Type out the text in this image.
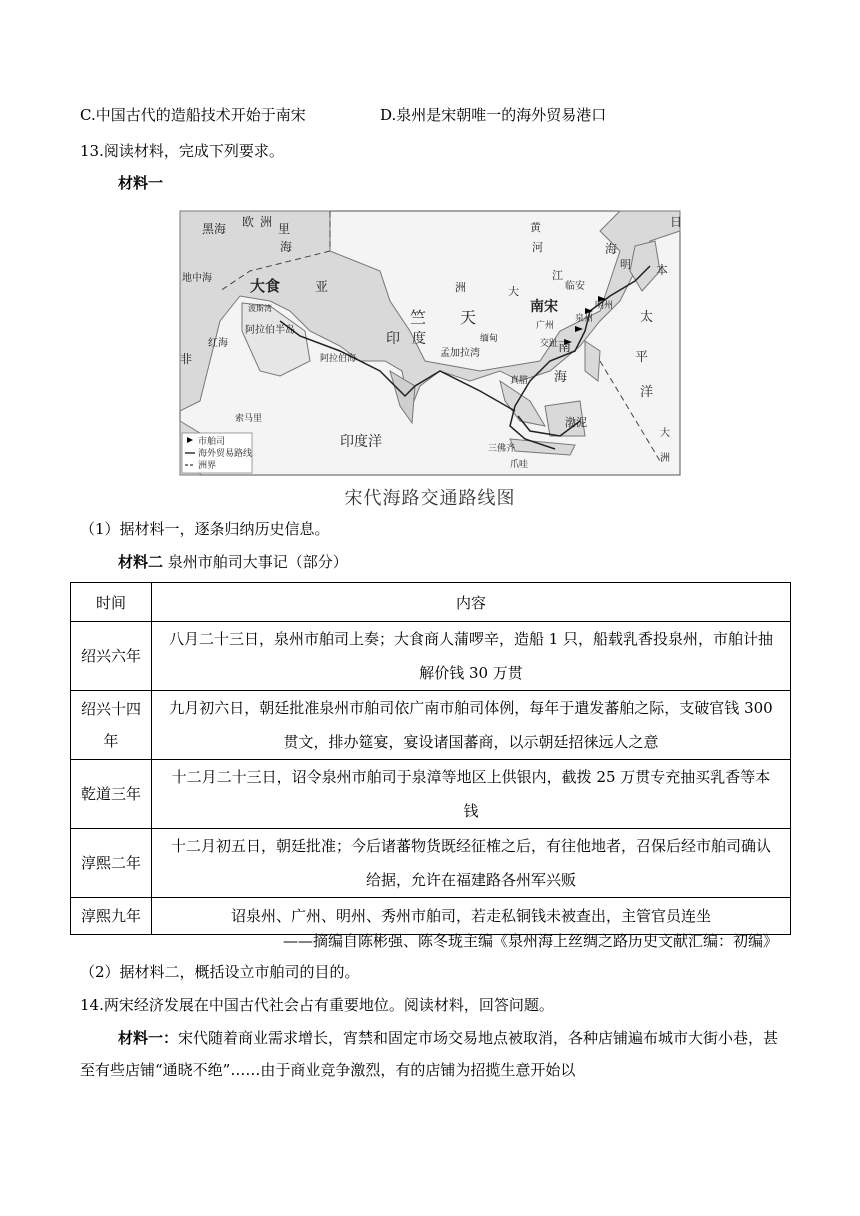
C.中国古代的造船技术开始于南宋	D.泉州是宋朝唯一的海外贸易港口
13.阅读材料，完成下列要求。
材料一
黑海 欧 洲 里
海
地中海	大食	亚
波斯湾
阿拉伯半岛
红海
非	阿拉伯海
索马里
竺 天
印 度
洲	大
黄
河
江
孟加拉湾
缅甸	交趾
真腊
三佛齐
爪哇
渤泥
南
海
南宋
临安
明州
广州
泉州
日
本
海
明
太
平
洋
印度洋
大
洲
市舶司
海外贸易路线
洲界
宋代海路交通路线图
（1）据材料一，逐条归纳历史信息。
材料二 泉州市舶司大事记（部分）
时间	内容
绍兴六年	八月二十三日，泉州市舶司上奏；大食商人蒲啰辛，造船 1 只，船载乳香投泉州，市舶计抽解价钱 30 万贯
绍兴十四年	九月初六日，朝廷批准泉州市舶司依广南市舶司体例，每年于遣发蕃舶之际，支破官钱 300 贯文，排办筵宴，宴设诸国蕃商，以示朝廷招徕远人之意
乾道三年	十二月二十三日，诏令泉州市舶司于泉漳等地区上供银内，截拨 25 万贯专充抽买乳香等本钱
淳熙二年	十二月初五日，朝廷批准；今后诸蕃物货既经征榷之后，有往他地者，召保后经市舶司确认给据，允许在福建路各州军兴贩
淳熙九年	诏泉州、广州、明州、秀州市舶司，若走私铜钱未被查出，主管官员连坐
——摘编自陈彬强、陈冬珑主编《泉州海上丝绸之路历史文献汇编：初编》
（2）据材料二，概括设立市舶司的目的。
14.两宋经济发展在中国古代社会占有重要地位。阅读材料，回答问题。
材料一：宋代随着商业需求增长，宵禁和固定市场交易地点被取消，各种店铺遍布城市大街小巷，甚至有些店铺“通晓不绝”……由于商业竞争激烈，有的店铺为招揽生意开始以
